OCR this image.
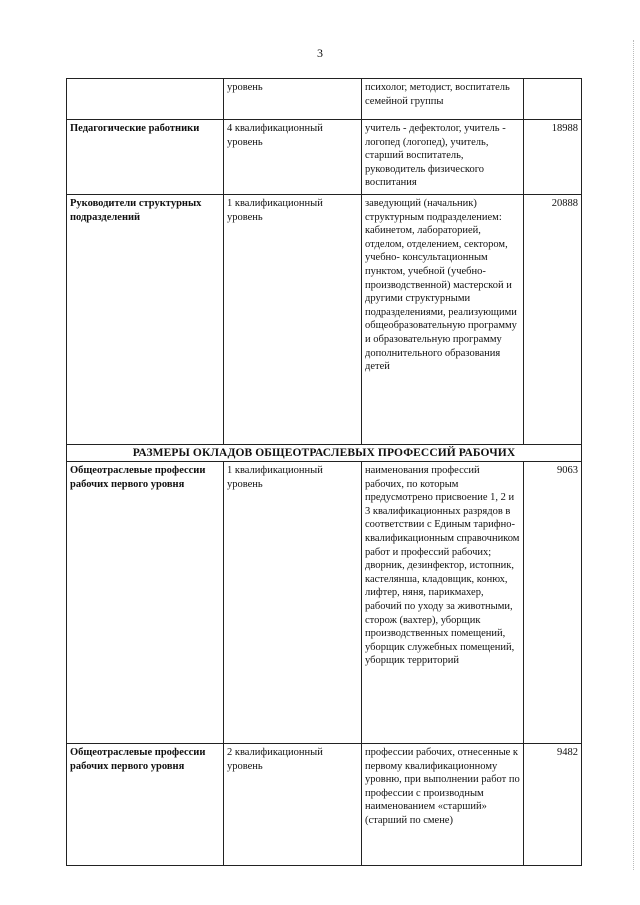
3
	уровень	психолог, методист, воспитатель семейной группы	
Педагогические работники	4 квалификационный уровень	учитель - дефектолог, учитель - логопед (логопед), учитель, старший воспитатель, руководитель физического воспитания	18988
Руководители структурных подразделений	1 квалификационный уровень	заведующий (начальник) структурным подразделением: кабинетом, лабораторией, отделом, отделением, сектором, учебно- консультационным пунктом, учебной (учебно-производственной) мастерской и другими структурными подразделениями, реализующими общеобразовательную программу и образовательную программу дополнительного образования детей	20888
РАЗМЕРЫ ОКЛАДОВ ОБЩЕОТРАСЛЕВЫХ ПРОФЕССИЙ РАБОЧИХ			
Общеотраслевые профессии рабочих первого уровня	1 квалификационный уровень	наименования профессий рабочих, по которым предусмотрено присвоение 1, 2 и 3 квалификационных разрядов в соответствии с Единым тарифно-квалификационным справочником работ и профессий рабочих; дворник, дезинфектор, истопник, кастелянша, кладовщик, конюх, лифтер, няня, парикмахер, рабочий по уходу за животными, сторож (вахтер), уборщик производственных помещений, уборщик служебных помещений, уборщик территорий	9063
Общеотраслевые профессии рабочих первого уровня	2 квалификационный уровень	профессии рабочих, отнесенные к первому квалификационному уровню, при выполнении работ по профессии с производным наименованием «старший» (старший по смене)	9482
